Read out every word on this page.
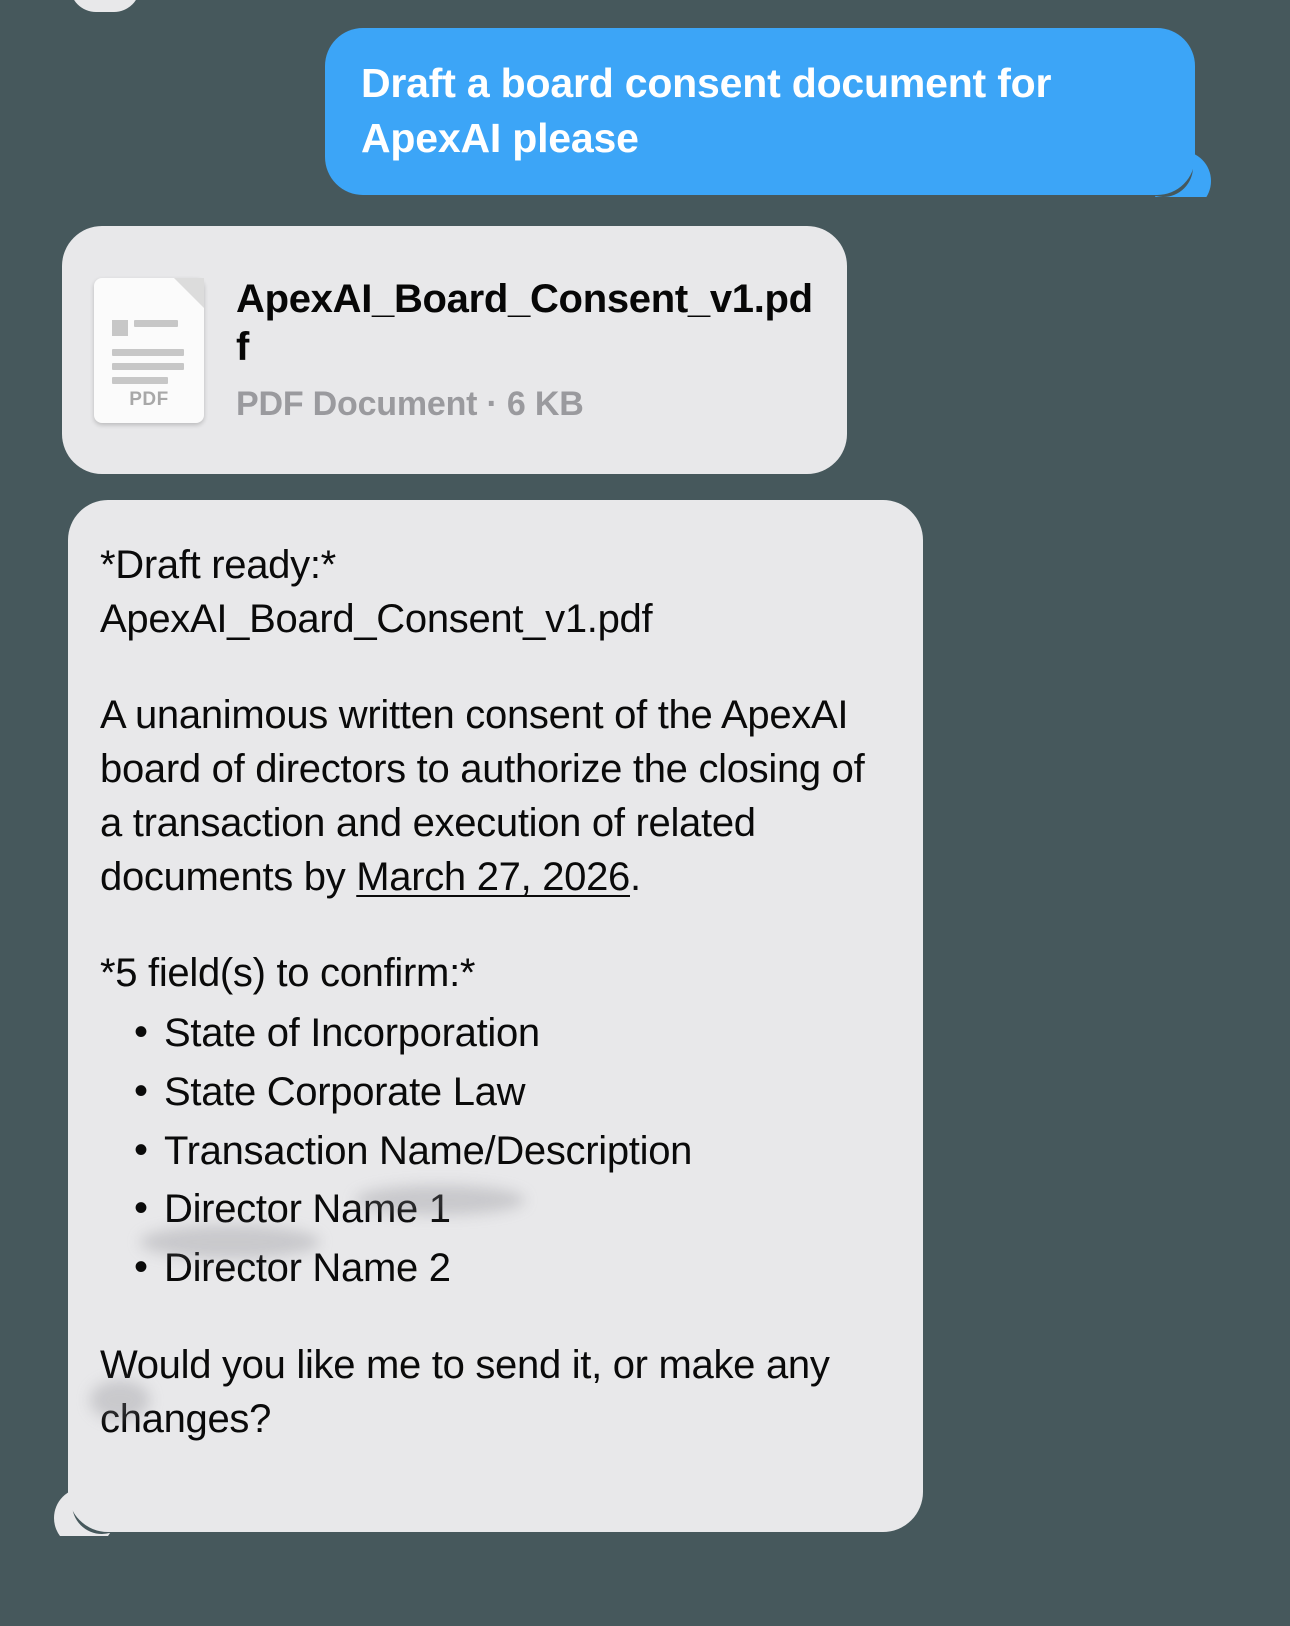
Draft a board consent document for ApexAI please
PDF
ApexAI_Board_Consen⁠t_v1.pdf
PDF Document · 6 KB
*Draft ready:*
ApexAI_Board_Consent_v1.pdf
A unanimous written consent of the ApexAI board of directors to authorize the closing of a transaction and execution of related documents by March 27, 2026.
*5 field(s) to confirm:*
• State of Incorporation
• State Corporate Law
• Transaction Name/Description
• Director Name 1
• Director Name 2
Would you like me to send it, or make any changes?
